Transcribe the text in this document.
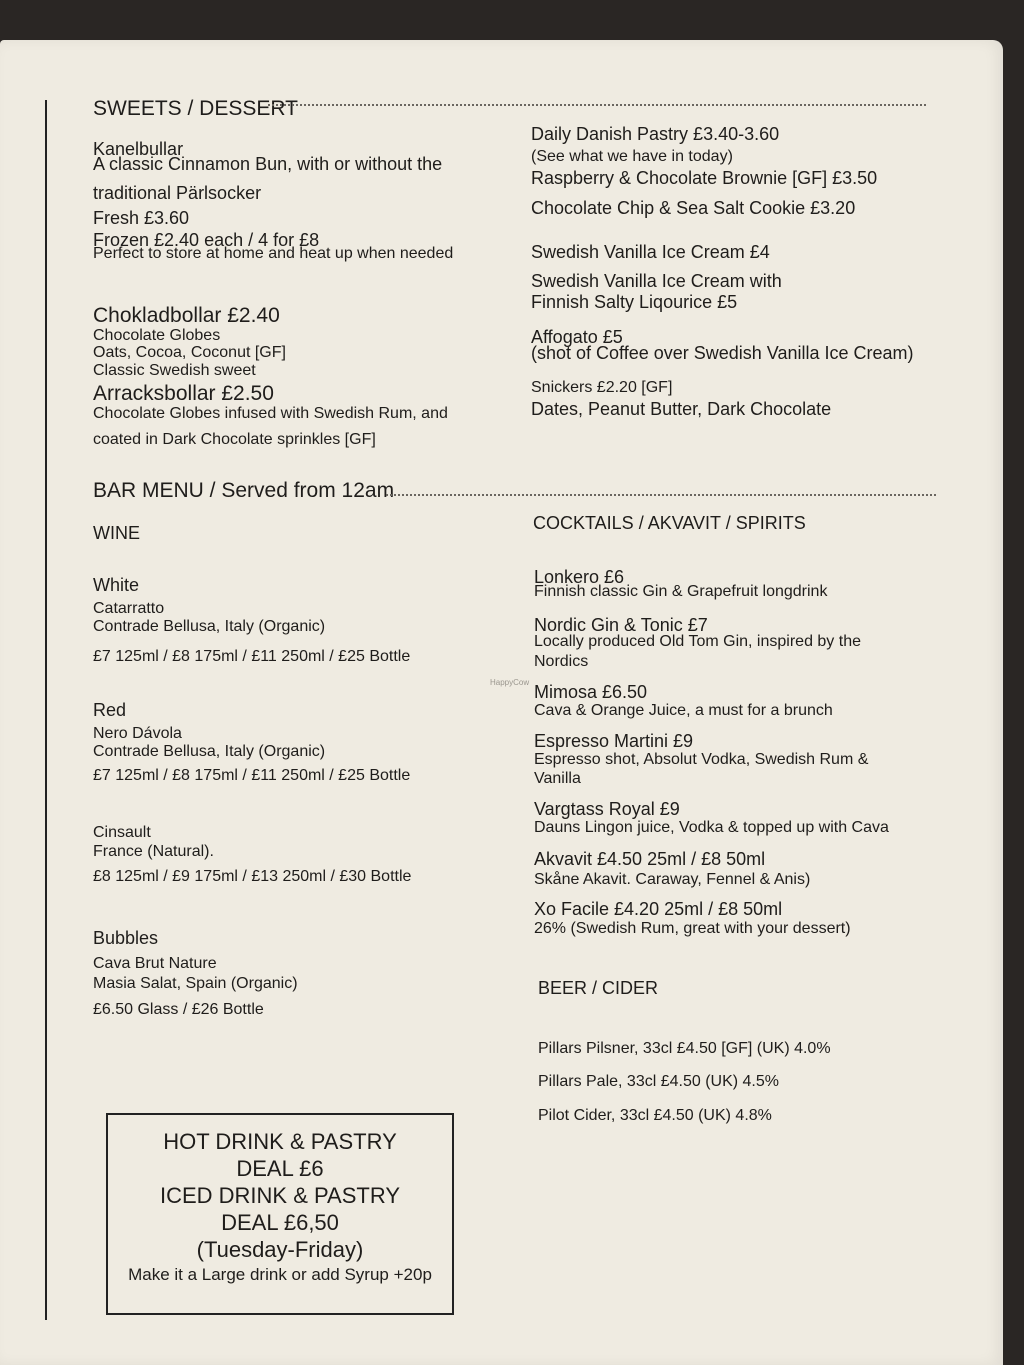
SWEETS / DESSERT
Kanelbullar
A classic Cinnamon Bun, with or without the
traditional Pärlsocker
Fresh £3.60
Frozen £2.40 each / 4 for £8
Perfect to store at home and heat up when needed
Chokladbollar £2.40
Chocolate Globes
Oats, Cocoa, Coconut [GF]
Classic Swedish sweet
Arracksbollar £2.50
Chocolate Globes infused with Swedish Rum, and
coated in Dark Chocolate sprinkles [GF]
Daily Danish Pastry £3.40-3.60
(See what we have in today)
Raspberry & Chocolate Brownie [GF] £3.50
Chocolate Chip & Sea Salt Cookie £3.20
Swedish Vanilla Ice Cream £4
Swedish Vanilla Ice Cream with
Finnish Salty Liqourice £5
Affogato £5
(shot of Coffee over Swedish Vanilla Ice Cream)
Snickers £2.20 [GF]
Dates, Peanut Butter, Dark Chocolate
BAR MENU / Served from 12am
WINE
White
Catarratto
Contrade Bellusa, Italy (Organic)
£7 125ml / £8 175ml / £11 250ml / £25 Bottle
Red
Nero Dávola
Contrade Bellusa, Italy (Organic)
£7 125ml / £8 175ml / £11 250ml / £25 Bottle
Cinsault
France (Natural).
£8 125ml / £9 175ml / £13 250ml / £30 Bottle
Bubbles
Cava Brut Nature
Masia Salat, Spain (Organic)
£6.50 Glass / £26 Bottle
COCKTAILS / AKVAVIT / SPIRITS
Lonkero £6
Finnish classic Gin & Grapefruit longdrink
Nordic Gin & Tonic £7
Locally produced Old Tom Gin, inspired by the
Nordics
Mimosa £6.50
Cava & Orange Juice, a must for a brunch
Espresso Martini £9
Espresso shot, Absolut Vodka, Swedish Rum &
Vanilla
Vargtass Royal £9
Dauns Lingon juice, Vodka & topped up with Cava
Akvavit £4.50 25ml / £8 50ml
Skåne Akavit. Caraway, Fennel & Anis)
Xo Facile £4.20 25ml / £8 50ml
26% (Swedish Rum, great with your dessert)
BEER / CIDER
Pillars Pilsner, 33cl £4.50 [GF] (UK) 4.0%
Pillars Pale, 33cl £4.50 (UK) 4.5%
Pilot Cider, 33cl £4.50 (UK) 4.8%
HappyCow
HOT DRINK & PASTRY
DEAL £6
ICED DRINK & PASTRY
DEAL £6,50
(Tuesday-Friday)
Make it a Large drink or add Syrup +20p
